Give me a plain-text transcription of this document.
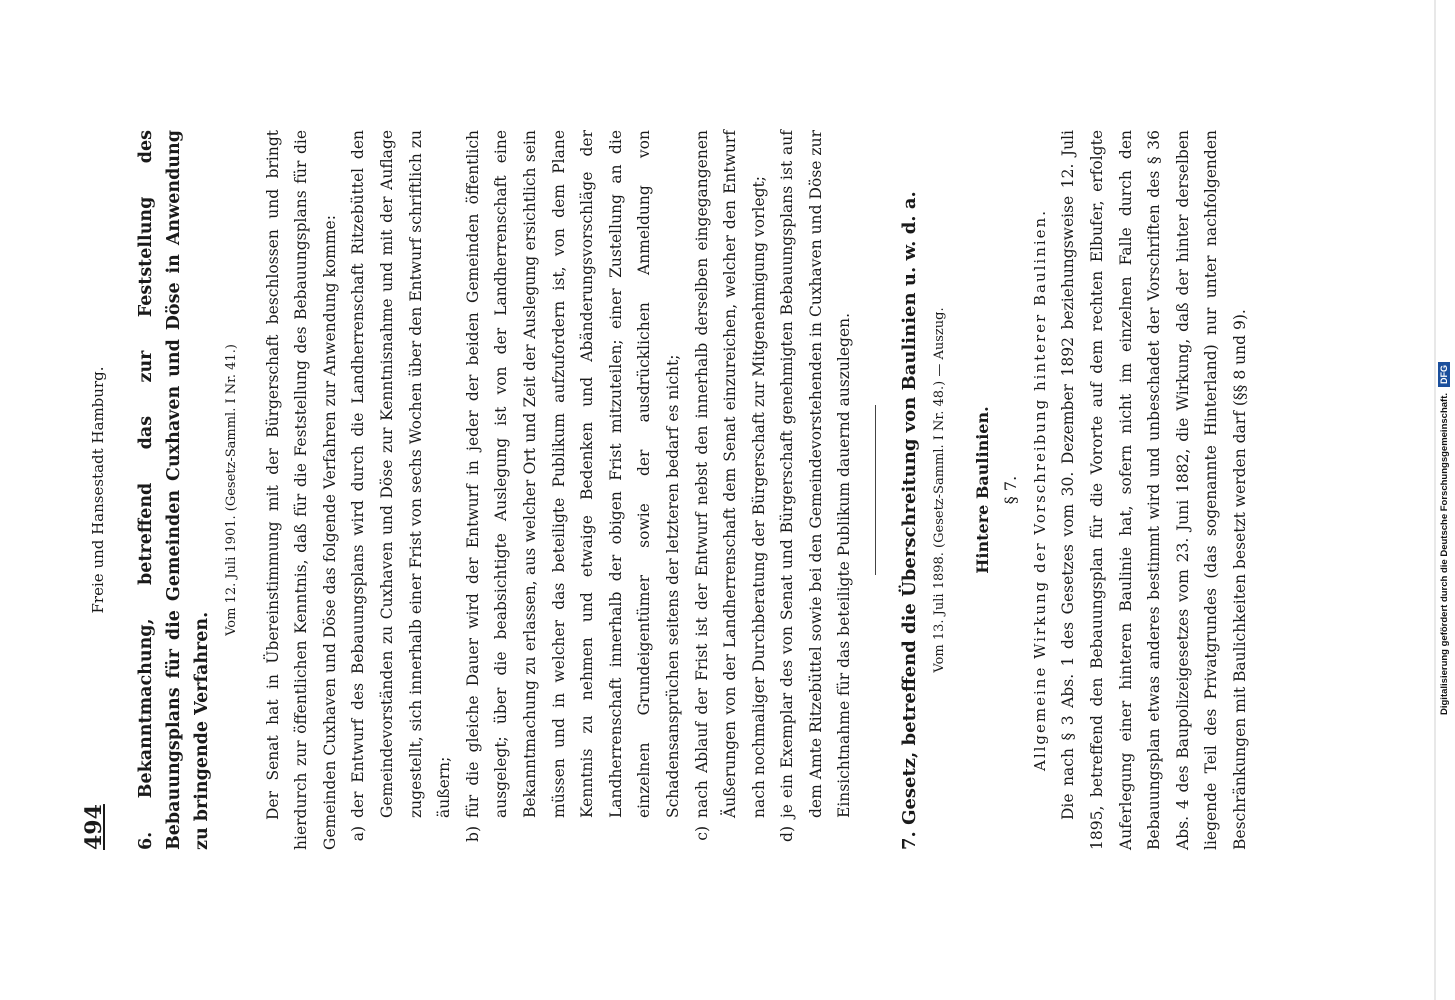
494
Freie und Hansestadt Hamburg.
6. Bekanntmachung, betreffend das zur Feststellung des Bebauungsplans für die Gemeinden Cuxhaven und Döse in Anwendung zu bringende Verfahren.
Vom 12. Juli 1901. (Gesetz-Samml. I Nr. 41.)	Der Senat hat in Übereinstimmung mit der Bürgerschaft beschlossen und bringt hierdurch zur öffentlichen Kenntnis, daß für die Feststellung des Bebauungsplans für die Gemeinden Cuxhaven und Döse das folgende Verfahren zur Anwendung komme: a)
der Entwurf des Bebauungsplans wird durch die Landherrenschaft Ritzebüttel den Gemeindevorständen zu Cuxhaven und Döse zur Kenntnisnahme und mit der Auflage zugestellt, sich innerhalb einer Frist von sechs Wochen über den Entwurf schriftlich zu äußern;
b)
für die gleiche Dauer wird der Entwurf in jeder der beiden Gemeinden öffentlich ausgelegt; über die beabsichtigte Auslegung ist von der Landherrenschaft eine Bekanntmachung zu erlassen, aus welcher Ort und Zeit der Auslegung ersichtlich sein müssen und in welcher das beteiligte Publikum aufzufordern ist, von dem Plane Kenntnis zu nehmen und etwaige Bedenken und Abänderungsvorschläge der Landherrenschaft innerhalb der obigen Frist mitzuteilen; einer Zustellung an die einzelnen Grundeigentümer sowie der ausdrücklichen Anmeldung von Schadensansprüchen seitens der letzteren bedarf es nicht;
c)
nach Ablauf der Frist ist der Entwurf nebst den innerhalb derselben eingegangenen Äußerungen von der Landherrenschaft dem Senat einzureichen, welcher den Entwurf nach nochmaliger Durchberatung der Bürgerschaft zur Mitgenehmigung vorlegt;
d)
je ein Exemplar des von Senat und Bürgerschaft genehmigten Bebauungsplans ist auf dem Amte Ritzebüttel sowie bei den Gemeindevorstehenden in Cuxhaven und Döse zur Einsichtnahme für das beteiligte Publikum dauernd auszulegen.
7. Gesetz, betreffend die Überschreitung von Baulinien u. w. d. a. Vom 13. Juli 1898. (Gesetz-Samml. I Nr. 48.) — Auszug.	Hintere Baulinien. § 7. Allgemeine Wirkung der Vorschreibung hinterer Baulinien. Die nach § 3 Abs. 1 des Gesetzes vom 30. Dezember 1892 beziehungsweise 12. Juli 1895, betreffend den Bebauungsplan für die Vororte auf dem rechten Elbufer, erfolgte Auferlegung einer hinteren Baulinie hat, sofern nicht im einzelnen Falle durch den Bebauungsplan etwas anderes bestimmt wird und unbeschadet der Vorschriften des § 36 Abs. 4 des Baupolizeigesetzes vom 23. Juni 1882, die Wirkung, daß der hinter derselben liegende Teil des Privatgrundes (das sogenannte Hinterland) nur unter nachfolgenden Beschränkungen mit Baulichkeiten besetzt werden darf (§§ 8 und 9).	Digitalisierung gefördert durch die Deutsche Forschungsgemeinschaft.
DFG
